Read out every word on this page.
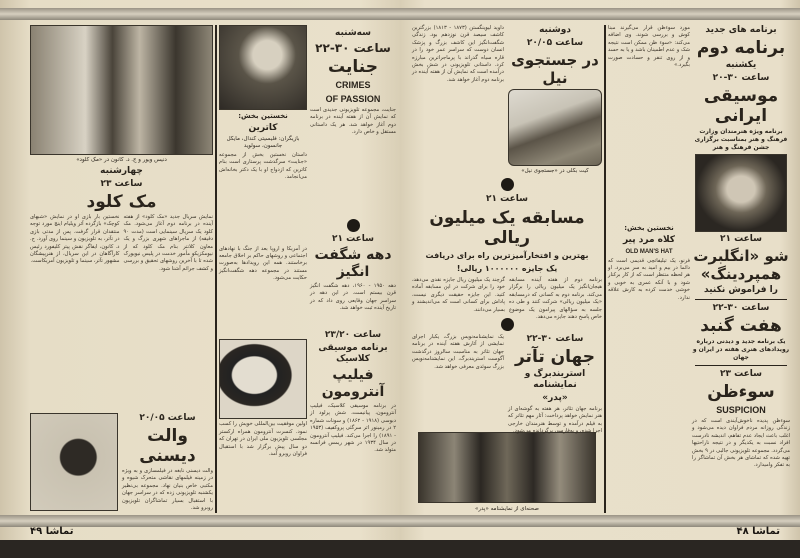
دنیس ویور و ج. د. کانون در «مک کلود»
چهارشنبه
ساعت ۲۳
مک کلود
نمایش سریال جدید «مک کلود» از هفته آینده در برنامه دوم آغاز می‌شود. مک کلود یک سریال سینمایی است (مدت ۹۰ دقیقه) از ماجراهای شهری بزرگ و یک معاون کلانتر بنام مک کلود که از نیومکزیکو مأمور خدمت در پلیس نیویورک شده تا با آخرین روشهای تحقیق و بررسی و کشف جرائم آشنا شود.
نخستین بار بازی او در نمایش «شبهای کوچک» بازگرده آثر ویلیام اینچ مورد توجه منتقدان قرار گرفت. پس از مدتی بازی در تآتر، به تلویزیون و سینما روی آورد. ج. د. کانون، ایفاگر نقش پیتر کلیفورد رئیس کارآگاهان در این سریال، از هنرپیشگان مشهور تآتر، سینما و تلویزیون آمریکاست.
ساعت ۲۰/۰۵
والت دیسنی
والت دیسنی نابغه در فیلمسازی و به ویژه در زمینه فیلمهای نقاشی متحرک شیوه و مکتبی خاص بنیان نهاد. مجموعه بی‌نظیر یکشنبه تلویزیونی زده که در سراسر جهان با استقبال بسیار تماشاگران تلویزیون روبرو شد.
نخستین بخش:
کاترین
بازیگران: فلیسیتی کندال، مایکل جانسون، سولوید
داستان نخستین بخش از مجموعه «جنایت» سرگذشت پرستاری است بنام کاترین که ازدواج او با یک دکتر بخانه‌اش می‌انجامد.
در آمریکا و اروپا بعد از جنگ با نهادهای اجتماعی و روشهای حاکم بر اخلاق جامعه برخاستند. همه این رویدادها به‌صورت مستند در مجموعه دهه شگفت‌انگیز حکایت می‌شود.
اولین موفقیت بین‌المللی خویش را کسب نمود. کنسرت آنترومون همراه ارکستر مجلسی تلویزیون ملی ایران در تهران که دو سال پیش برگزار شد با استقبال فراوان روبرو آمد.
سه‌شنبه
ساعت ۳۰-۲۲
جنایت
CRIMES
OF PASSION
جنایت، مجموعه تلویزیونی جدیدی است که نمایش آن از هفته آینده در برنامه دوم آغاز خواهد شد. هر یک داستانی مستقل و خاص دارد.
ساعت ۲۱
دهه شگفت انگیز
دهه ۱۹۵۰ - ۱۹۶۰، دهه شگفت انگیز قرن بیستم است. در این دهه در سراسر جهان وقایعی روی داد که در تاریخ آینده ثبت خواهد شد.
ساعت ۲۳/۲۰
برنامه موسیقی کلاسیک
فیلیپ آنترومون
در برنامه موسیقی کلاسیک، فیلیپ آنترومون، پیانیست، شش پرلود از دبوسی (۱۹۱۸ - ۱۸۶۲) و سونات شماره ۲ در رمینور اثر سرگئی پروکفیف (۱۹۵۳ - ۱۸۹۱) را اجرا می‌کند. فیلیپ آنترومون در سال ۱۹۳۴ در شهر ریمس فرانسه متولد شد.
تماشا ۴۹
برنامه های جدید
برنامه دوم
یکشنبه
ساعت ۳۰-۲۰
موسیقی ایرانی
برنامه ویژه هنرمندان وزارت فرهنگ و هنر بمناسبت برگزاری جشن فرهنگ و هنر
ساعت ۲۱
شو «انگلبرت همپردینگ»
را فراموش نکنید
ساعت ۳۰-۲۲
هفت گنبد
یک برنامه جدید و دیدنی درباره رویدادهای هنری هفته در ایران و جهان
ساعت ۲۳
سوءظن
SUSPICION
سوءظن پدیده ناخوش‌آیندی است که در زندگی روزانه مردم فراوان دیده می‌شود و اغلب باعث ایجاد عدم تفاهم، اندیشه نادرست افراد نسبت به یکدیگر و در نتیجه ناراحتیها می‌گردد. مجموعه تلویزیونی جالبی در ۹ بخش تهیه شده که تماشای هر بخش آن تماشاگر را به تفکر وامیدارد.
مورد سوءظن قرار می‌گیرند مبنا کوش و بررسی شوند. وی اضافه می‌کند: «سوء ظن ممکن است نتیجه شک و عدم اطمینان باشد و یا به حسد و از روی تنفر و حسادت صورت بگیرد.»
نخستین بخش:
کلاه مرد پیر
OLD MAN'S HAT
فرنو، یک تیلیفاتچی قدیمی است که دائما در بیم و امید به سر می‌برد. او هر لحظه منتظر است که از کار برکنار شود و با آنکه عمری به خوبی و خوشی خدمت کرده به کارش علاقه ندارد.
داوید لیوینگستن (۱۸۷۳ - ۱۸۱۳) بزرگترین کاشف سیصد قرن نوزدهم بود. زندگی شگفت‌انگیز این کاشف بزرگ و پزشک انسان دوست که سراسر عمر خود را در قاره سیاه گذراند با پرماجراترین مبارزه کرد. داستانی تلویزیونی در شش بخش درآمده است که نمایش آن از هفته آینده در برنامه دوم آغاز خواهد شد.
دوشنبه
ساعت ۲۰/۰۵
در جستجوی نیل
کیت بکلی در «جستجوی نیل»
ساعت ۲۱
مسابقه یک میلیون ریالی
بهترین و افتخارآمیزترین راه برای دریافت
یک جایزه ۱۰۰۰۰۰۰ ریالی!
برنامه دوم از هفته آینده مسابقه هیجان‌انگیز یک میلیون ریالی را برگزار می‌کند. برنامه دوم به کسانی که درمسابقه «یک میلیون ریالی» شرکت کنند و طی ده جلسه به سؤالهای پیرامون یک موضوع خاص پاسخ دهند جایزه می‌دهد.
گرچند یک میلیون ریال جایزه نقدی می‌دهد، خود را برای شرکت در این مسابقه آماده کنید. این جایزه حقیقت دیگری نیست، پاداش برای کسانی است که می‌اندیشند و بسیار می‌دانند.
یک نمایشنامه‌نویس بزرگ، یکبار اجرای نمایشی از آثارش هفته آینده در برنامه جهان تئاتر به مناسبت سالروز درگذشت آگوست استریندبرگ، این نمایشنامه‌نویس بزرگ سوئدی معرفی خواهد شد.
ساعت ۳۰-۲۲
جهان تآتر
استریندبرگ و نمایشنامه
«پدر»
برنامه جهان تئاتر، هر هفته به گوشه‌ای از هنر نمایش خواهد پرداخت: آثار مهم تئاتر که به فیلم درآمده و توسط هنرمندان خارجی اجرا شده، و به‌فارسی برگردانده می‌شود.
صحنه‌ای از نمایشنامه «پدر»
تماشا ۴۸
